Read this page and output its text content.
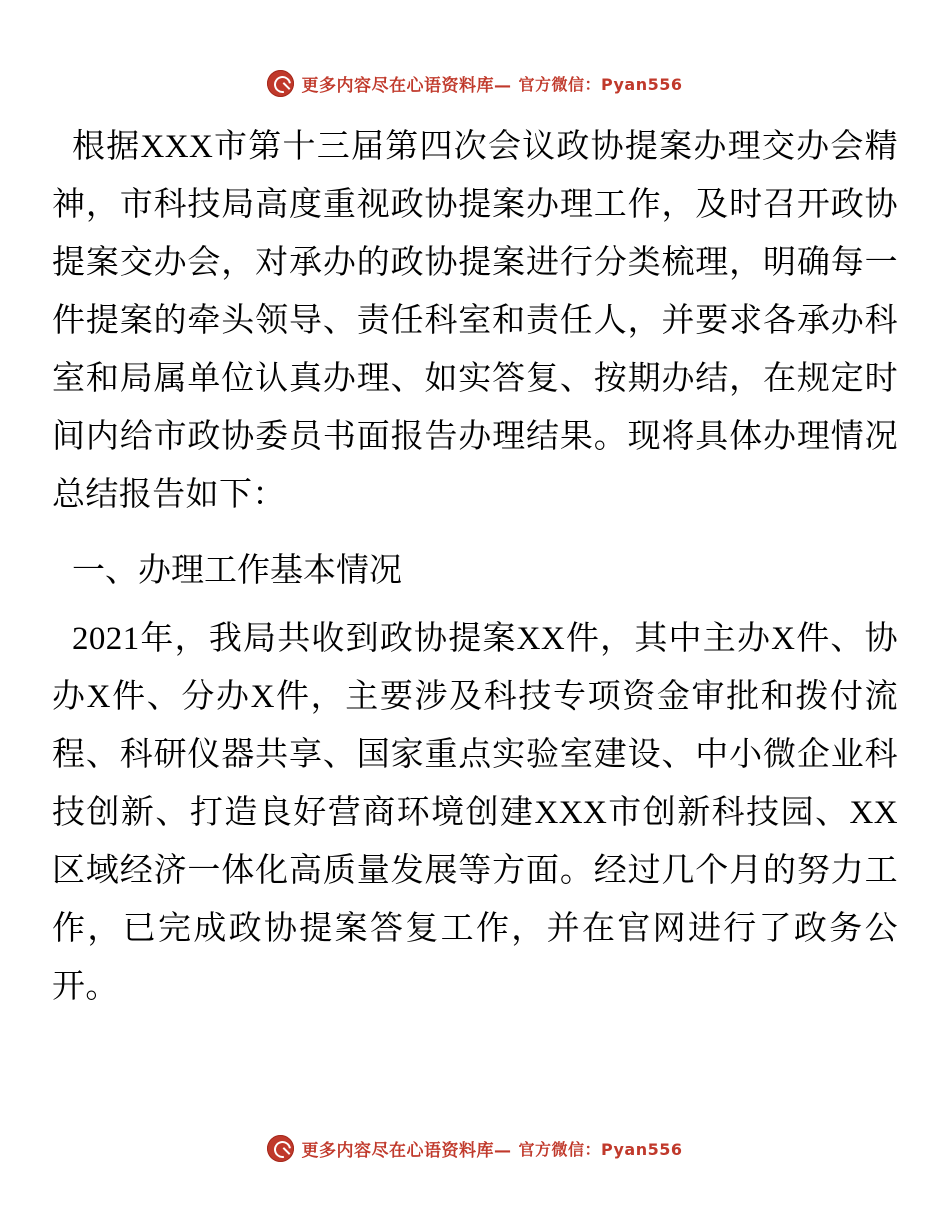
更多内容尽在心语资料库— 官方微信：Pyan556

根据XXX市第十三届第四次会议政协提案办理交办会精神，市科技局高度重视政协提案办理工作，及时召开政协提案交办会，对承办的政协提案进行分类梳理，明确每一件提案的牵头领导、责任科室和责任人，并要求各承办科室和局属单位认真办理、如实答复、按期办结，在规定时间内给市政协委员书面报告办理结果。现将具体办理情况总结报告如下：

一、办理工作基本情况

2021年，我局共收到政协提案XX件，其中主办X件、协办X件、分办X件，主要涉及科技专项资金审批和拨付流程、科研仪器共享、国家重点实验室建设、中小微企业科技创新、打造良好营商环境创建XXX市创新科技园、XX区域经济一体化高质量发展等方面。经过几个月的努力工作，已完成政协提案答复工作，并在官网进行了政务公开。

更多内容尽在心语资料库— 官方微信：Pyan556
